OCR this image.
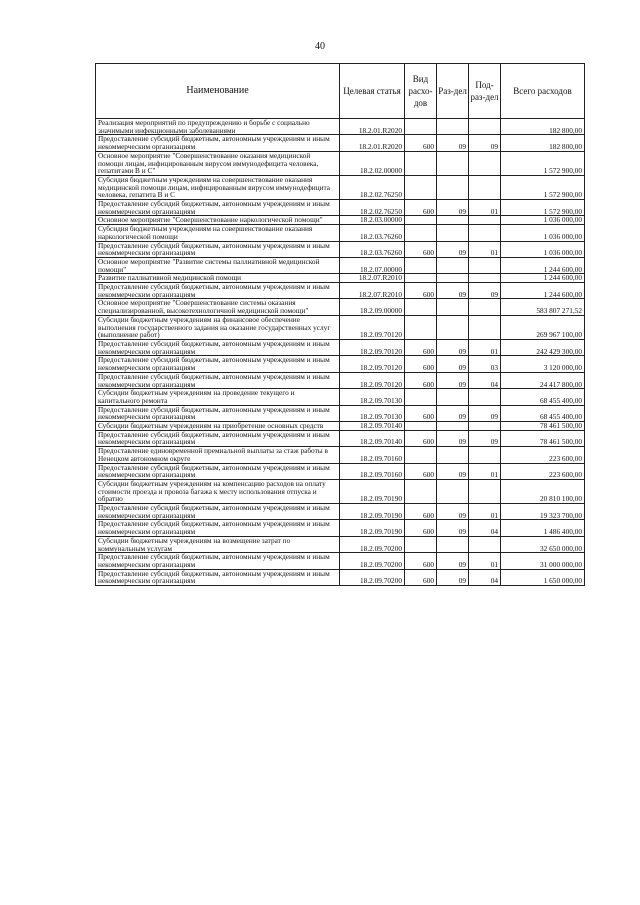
40
Наименование	Целевая статья	Вид расхо-дов	Раз-дел	Под-раз-дел	Всего расходов
Реализация мероприятий по предупреждению и борьбе с социально значимыми инфекционными заболеваниями	18.2.01.R2020				182 800,00
Предоставление субсидий бюджетным, автономным учреждениям и иным некоммерческим организациям	18.2.01.R2020	600	09	09	182 800,00
Основное мероприятие "Совершенствование оказания медицинской помощи лицам, инфицированным вирусом иммунодефицита человека, гепатитами В и С"	18.2.02.00000				1 572 900,00
Субсидия бюджетным учреждениям на совершенствование оказания медицинской помощи лицам, инфицированным вирусом иммунодефицита человека, гепатита В и С	18.2.02.76250				1 572 900,00
Предоставление субсидий бюджетным, автономным учреждениям и иным некоммерческим организациям	18.2.02.76250	600	09	01	1 572 900,00
Основное мероприятие "Совершенствование наркологической помощи"	18.2.03.00000				1 036 000,00
Субсидия бюджетным учреждениям на совершенствование оказания наркологической помощи	18.2.03.76260				1 036 000,00
Предоставление субсидий бюджетным, автономным учреждениям и иным некоммерческим организациям	18.2.03.76260	600	09	01	1 036 000,00
Основное мероприятие "Развитие системы паллиативной медицинской помощи"	18.2.07.00000				1 244 600,00
Развитие паллиативной медицинской помощи	18.2.07.R2010				1 244 600,00
Предоставление субсидий бюджетным, автономным учреждениям и иным некоммерческим организациям	18.2.07.R2010	600	09	09	1 244 600,00
Основное мероприятие "Совершенствование системы оказания специализированной, высокотехнологичной медицинской помощи"	18.2.09.00000				583 807 271,52
Субсидии бюджетным учреждениям на финансовое обеспечение выполнения государственного задания на оказание государственных услуг (выполнение работ)	18.2.09.70120				269 967 100,00
Предоставление субсидий бюджетным, автономным учреждениям и иным некоммерческим организациям	18.2.09.70120	600	09	01	242 429 300,00
Предоставление субсидий бюджетным, автономным учреждениям и иным некоммерческим организациям	18.2.09.70120	600	09	03	3 120 000,00
Предоставление субсидий бюджетным, автономным учреждениям и иным некоммерческим организациям	18.2.09.70120	600	09	04	24 417 800,00
Субсидии бюджетным учреждениям на проведение текущего и капитального ремонта	18.2.09.70130				68 455 400,00
Предоставление субсидий бюджетным, автономным учреждениям и иным некоммерческим организациям	18.2.09.70130	600	09	09	68 455 400,00
Субсидии бюджетным учреждениям на приобретение основных средств	18.2.09.70140				78 461 500,00
Предоставление субсидий бюджетным, автономным учреждениям и иным некоммерческим организациям	18.2.09.70140	600	09	09	78 461 500,00
Предоставление единовременной премиальной выплаты за стаж работы в Ненецком автономном округе	18.2.09.70160				223 600,00
Предоставление субсидий бюджетным, автономным учреждениям и иным некоммерческим организациям	18.2.09.70160	600	09	01	223 600,00
Субсидии бюджетным учреждениям на компенсацию расходов на оплату стоимости проезда и провоза багажа к месту использования отпуска и обратно	18.2.09.70190				20 810 100,00
Предоставление субсидий бюджетным, автономным учреждениям и иным некоммерческим организациям	18.2.09.70190	600	09	01	19 323 700,00
Предоставление субсидий бюджетным, автономным учреждениям и иным некоммерческим организациям	18.2.09.70190	600	09	04	1 486 400,00
Субсидии бюджетным учреждениям на возмещение затрат по коммунальным услугам	18.2.09.70200				32 650 000,00
Предоставление субсидий бюджетным, автономным учреждениям и иным некоммерческим организациям	18.2.09.70200	600	09	01	31 000 000,00
Предоставление субсидий бюджетным, автономным учреждениям и иным некоммерческим организациям	18.2.09.70200	600	09	04	1 650 000,00
